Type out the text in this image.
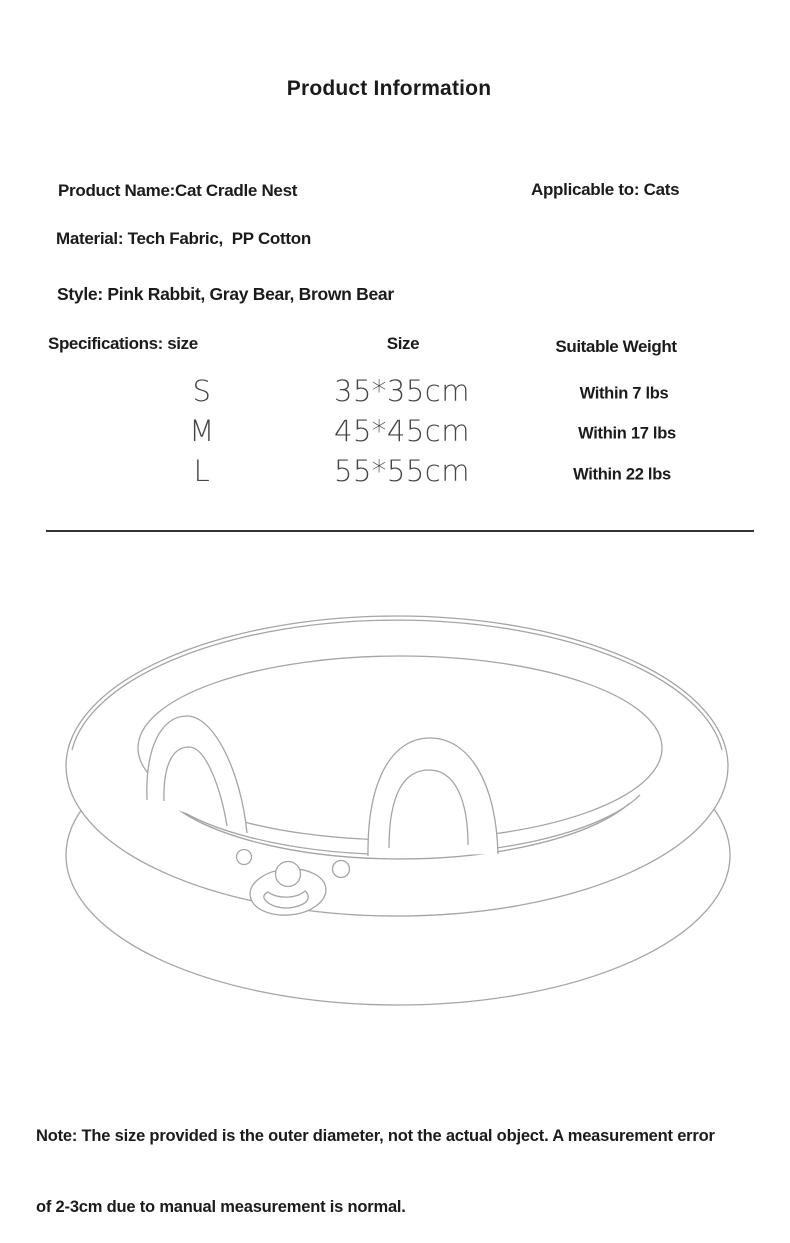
Product Information
Product Name:Cat Cradle Nest	Applicable to: Cats
Material: Tech Fabric,  PP Cotton
Style: Pink Rabbit, Gray Bear, Brown Bear
Specifications: size	Size	Suitable Weight
S	35*35cm	Within 7 lbs
M	45*45cm	Within 17 lbs
L	55*55cm	Within 22 lbs

Note: The size provided is the outer diameter, not the actual object. A measurement error

of 2-3cm due to manual measurement is normal.
